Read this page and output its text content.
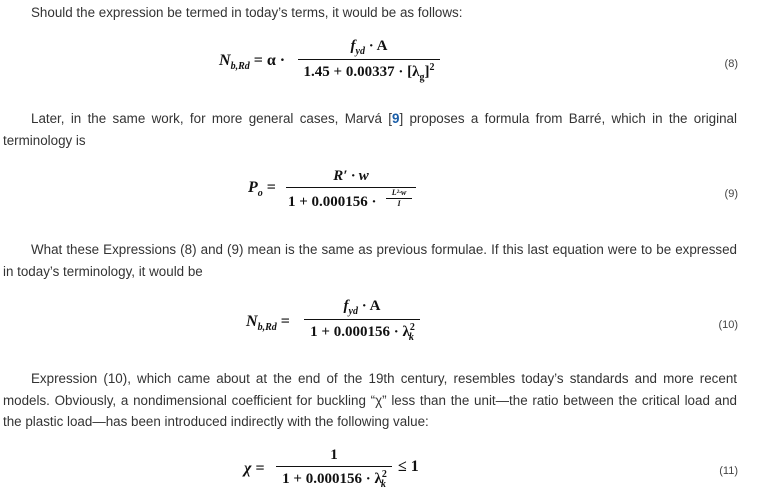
Should the expression be termed in today’s terms, it would be as follows:

$N_{b,Rd} = \alpha$ ·
$f_{yd} \cdot A$
$1.45 + 0.00337 \cdot [\lambda_g]^2$	(8)

Later, in the same work, for more general cases, Marvá [9] proposes a formula from Barré, which in the original terminology is

$P_o$ =
R′ · w
1 + 0.000156 ·
L²·w
I
(9)

What these Expressions (8) and (9) mean is the same as previous formulae. If this last equation were to be expressed in today’s terminology, it would be

$N_{b,Rd}$ =
$f_{yd} \cdot A$
$1 + 0.000156 \cdot \lambda^2_k$
(10)

Expression (10), which came about at the end of the 19th century, resembles today’s standards and more recent models. Obviously, a nondimensional coefficient for buckling “χ” less than the unit—the ratio between the critical load and the plastic load—has been introduced indirectly with the following value:

χ =
1
$1 + 0.000156 \cdot \lambda^2_k$
≤ 1	(11)
